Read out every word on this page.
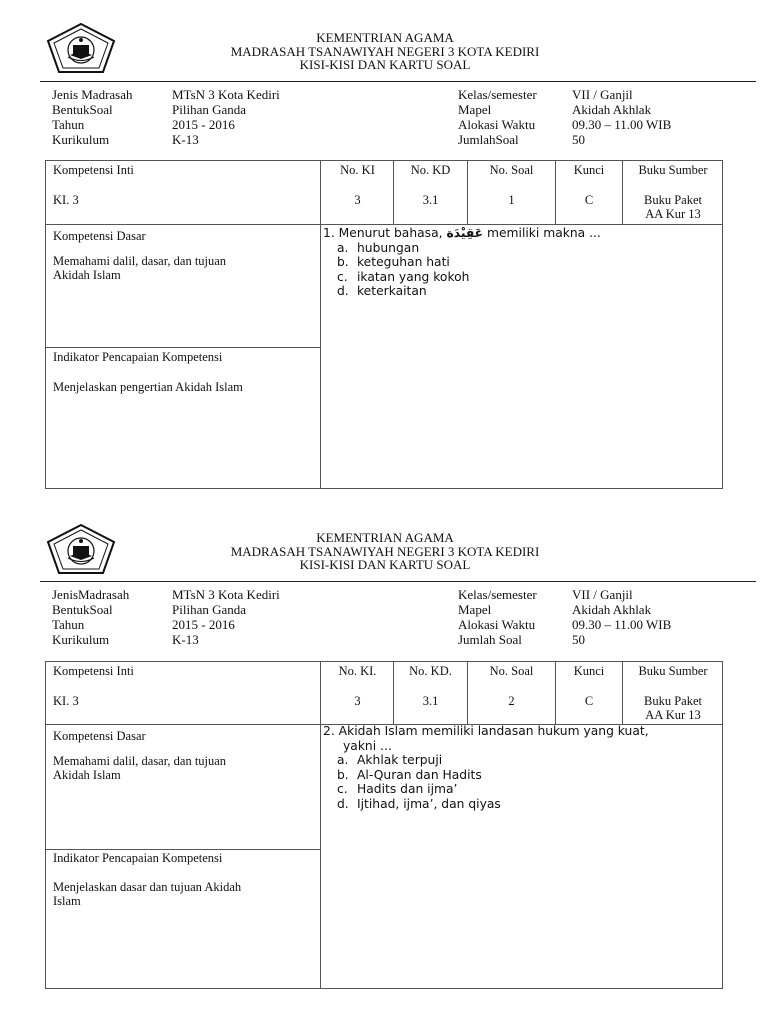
KEMENTRIAN AGAMA
MADRASAH TSANAWIYAH NEGERI 3 KOTA KEDIRI
KISI-KISI DAN KARTU SOAL
Jenis Madrasah
BentukSoal
Tahun
Kurikulum
MTsN 3 Kota Kediri
Pilihan Ganda
2015 - 2016
K-13
Kelas/semester
Mapel
Alokasi Waktu
JumlahSoal
VII / Ganjil
Akidah Akhlak
09.30 – 11.00 WIB
50
Kompetensi Inti
KI. 3
No. KI
3
No. KD
3.1
No. Soal
1
Kunci
C
Buku Sumber
Buku Paket
AA Kur 13
Kompetensi Dasar
Memahami dalil, dasar, dan tujuan
Akidah Islam
Indikator Pencapaian Kompetensi
Menjelaskan pengertian Akidah Islam
1. Menurut bahasa, عَقِيْدَة memiliki makna ...
a. hubungan
b. keteguhan hati
c. ikatan yang kokoh
d. keterkaitan
KEMENTRIAN AGAMA
MADRASAH TSANAWIYAH NEGERI 3 KOTA KEDIRI
KISI-KISI DAN KARTU SOAL
JenisMadrasah
BentukSoal
Tahun
Kurikulum
MTsN 3 Kota Kediri
Pilihan Ganda
2015 - 2016
K-13
Kelas/semester
Mapel
Alokasi Waktu
Jumlah Soal
VII / Ganjil
Akidah Akhlak
09.30 – 11.00 WIB
50
Kompetensi Inti
KI. 3
No. KI.
3
No. KD.
3.1
No. Soal
2
Kunci
C
Buku Sumber
Buku Paket
AA Kur 13
Kompetensi Dasar
Memahami dalil, dasar, dan tujuan
Akidah Islam
Indikator Pencapaian Kompetensi
Menjelaskan dasar dan tujuan Akidah
Islam
2. Akidah Islam memiliki landasan hukum yang kuat,
yakni ...
a. Akhlak terpuji
b. Al-Quran dan Hadits
c. Hadits dan ijma’
d. Ijtihad, ijma’, dan qiyas
